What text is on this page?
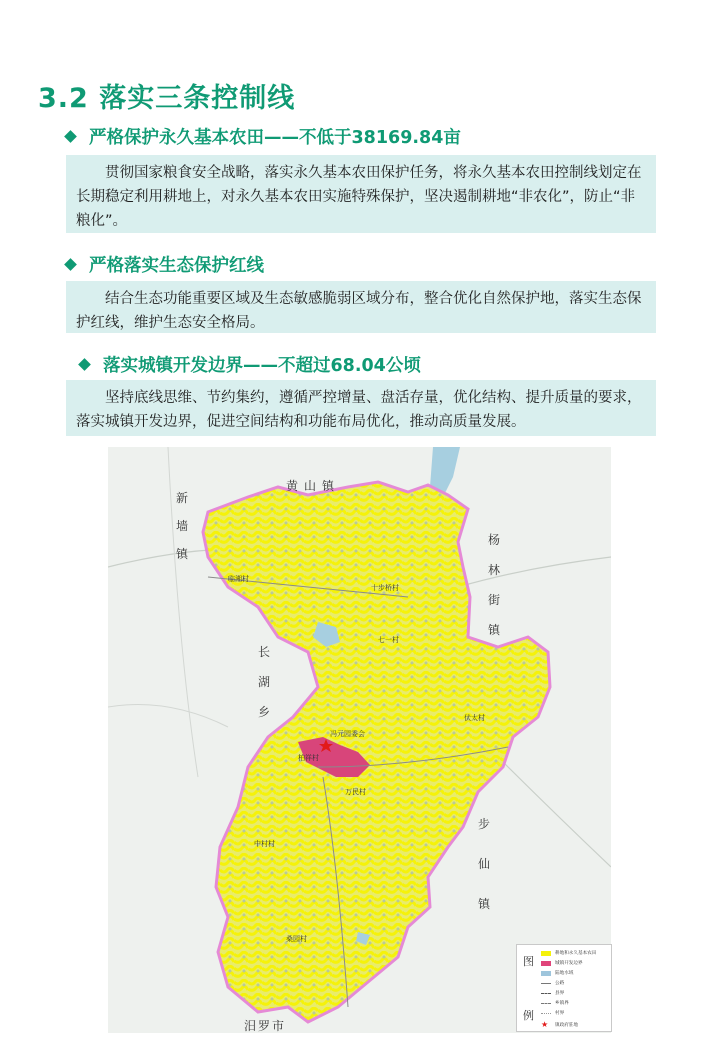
3.2 落实三条控制线
严格保护永久基本农田——不低于38169.84亩

贯彻国家粮食安全战略，落实永久基本农田保护任务，将永久基本农田控制线划定在长期稳定利用耕地上，对永久基本农田实施特殊保护，坚决遏制耕地“非农化”，防止“非粮化”。

严格落实生态保护红线

结合生态功能重要区域及生态敏感脆弱区域分布，整合优化自然保护地，落实生态保护红线，维护生态安全格局。

落实城镇开发边界——不超过68.04公顷

坚持底线思维、节约集约，遵循严控增量、盘活存量，优化结构、提升质量的要求，落实城镇开发边界，促进空间结构和功能布局优化，推动高质量发展。

黄山镇
新
墙
镇
杨
林
街
镇
长
湖
乡
步
仙
镇
汨罗市
临湘村
十步桥村
七一村
冯元园委会
柏祥村
伏太村
万民村
中村村
桑园村
图
例
耕地和永久基本农田
城镇开发边界
陆地水域
公路
县界
乡镇界
村界
★ 镇政府驻地
